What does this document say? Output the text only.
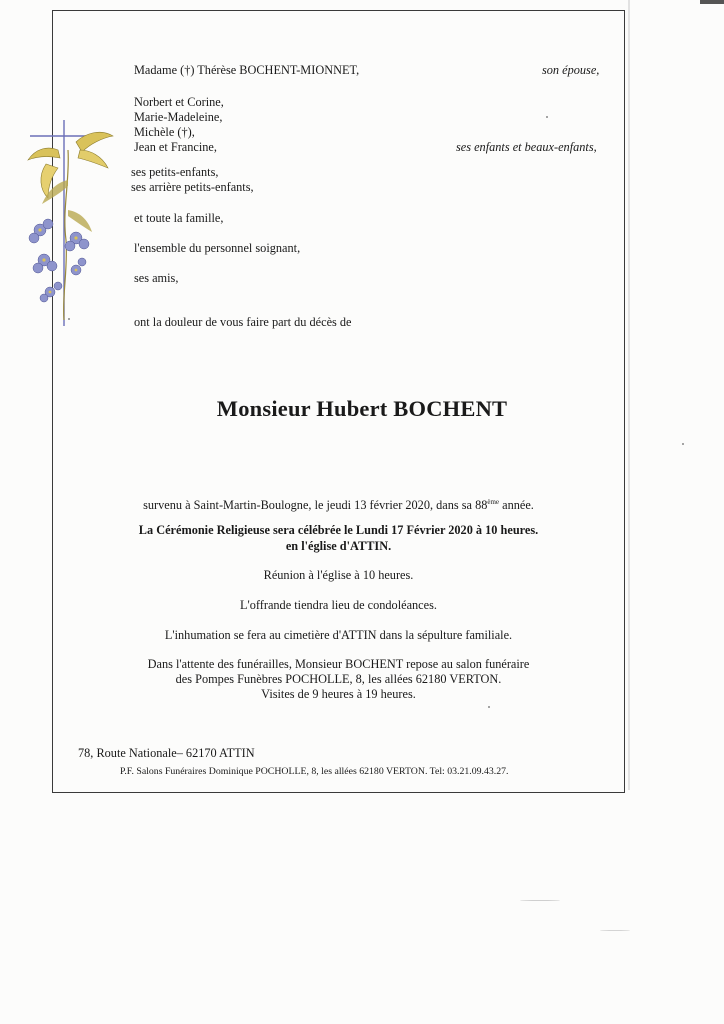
Madame (†) Thérèse BOCHENT-MIONNET,	son épouse,
Norbert et Corine,
Marie-Madeleine,
Michèle (†),
Jean et Francine,	ses enfants et beaux-enfants,
ses petits-enfants,
ses arrière petits-enfants,
et toute la famille,
l'ensemble du personnel soignant,
ses amis,
ont la douleur de vous faire part du décès de
Monsieur Hubert BOCHENT
survenu à Saint-Martin-Boulogne, le jeudi 13 février 2020, dans sa 88ème année.
La Cérémonie Religieuse sera célébrée le Lundi 17 Février 2020 à 10 heures.
en l'église d'ATTIN.
Réunion à l'église à 10 heures.
L'offrande tiendra lieu de condoléances.
L'inhumation se fera au cimetière d'ATTIN dans la sépulture familiale.
Dans l'attente des funérailles, Monsieur BOCHENT repose au salon funéraire
des Pompes Funèbres POCHOLLE, 8, les allées 62180 VERTON.
Visites de 9 heures à 19 heures.
78, Route Nationale– 62170 ATTIN
P.F. Salons Funéraires Dominique POCHOLLE, 8, les allées 62180 VERTON. Tel: 03.21.09.43.27.
